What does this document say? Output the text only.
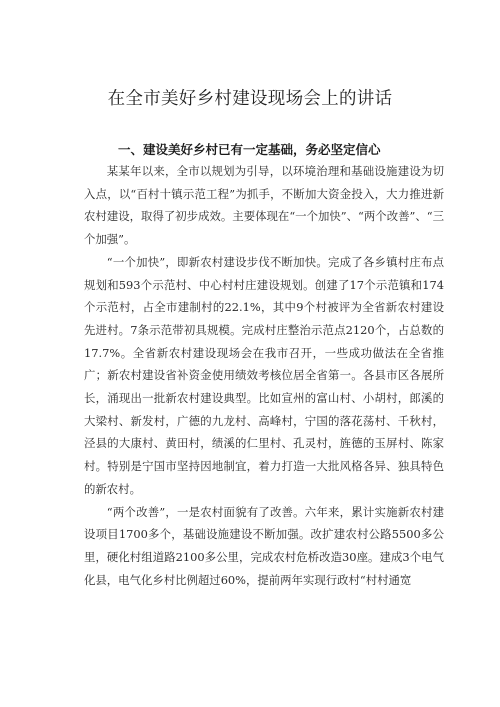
在全市美好乡村建设现场会上的讲话
一、建设美好乡村已有一定基础，务必坚定信心

某某年以来，全市以规划为引导，以环境治理和基础设施建设为切入点，以“百村十镇示范工程”为抓手，不断加大资金投入，大力推进新农村建设，取得了初步成效。主要体现在“一个加快”、“两个改善”、“三个加强”。

“一个加快”，即新农村建设步伐不断加快。完成了各乡镇村庄布点规划和593个示范村、中心村村庄建设规划。创建了17个示范镇和174个示范村，占全市建制村的22.1%，其中9个村被评为全省新农村建设先进村。7条示范带初具规模。完成村庄整治示范点2120个，占总数的17.7%。全省新农村建设现场会在我市召开，一些成功做法在全省推广；新农村建设省补资金使用绩效考核位居全省第一。各县市区各展所长，涌现出一批新农村建设典型。比如宣州的富山村、小胡村，郎溪的大梁村、新发村，广德的九龙村、高峰村，宁国的落花荡村、千秋村，泾县的大康村、黄田村，绩溪的仁里村、孔灵村，旌德的玉屏村、陈家村。特别是宁国市坚持因地制宜，着力打造一大批风格各异、独具特色的新农村。

“两个改善”，一是农村面貌有了改善。六年来，累计实施新农村建设项目1700多个，基础设施建设不断加强。改扩建农村公路5500多公里，硬化村组道路2100多公里，完成农村危桥改造30座。建成3个电气化县，电气化乡村比例超过60%，提前两年实现行政村“村村通宽
